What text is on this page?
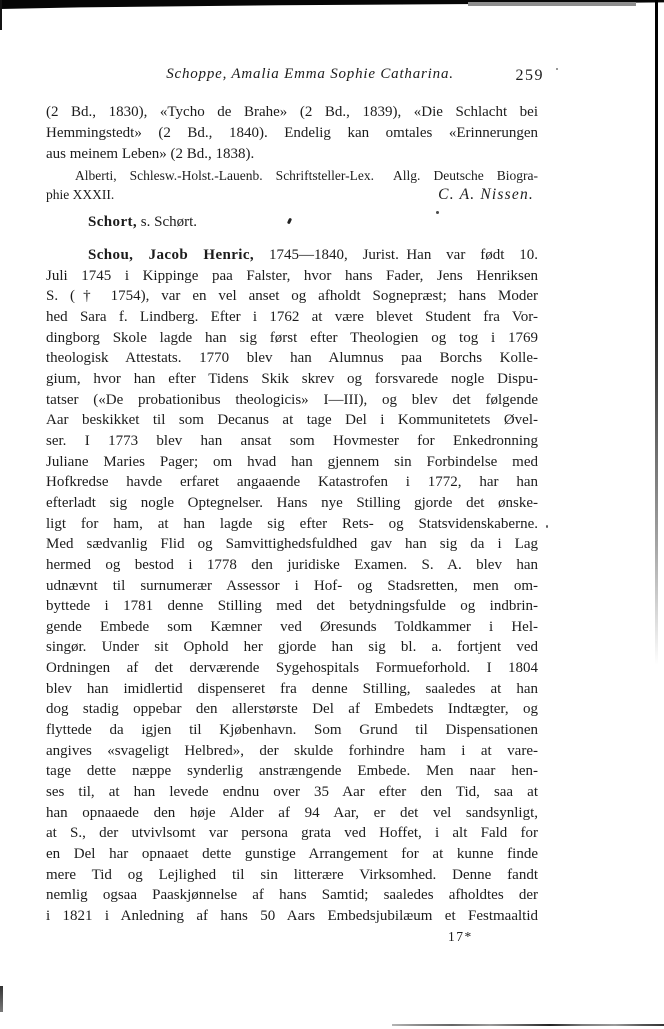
Schoppe, Amalia Emma Sophie Catharina.	259
(2 Bd., 1830), «Tycho de Brahe» (2 Bd., 1839), «Die Schlacht bei
Hemmingstedt» (2 Bd., 1840). Endelig kan omtales «Erinnerungen
aus meinem Leben» (2 Bd., 1838).
Alberti, Schlesw.-Holst.-Lauenb. Schriftsteller-Lex.  Allg. Deutsche Biogra-
phie XXXII.	C. A. Nissen.
Schort, s. Schørt.
Schou, Jacob Henric, 1745—1840, Jurist. Han var født 10.
Juli 1745 i Kippinge paa Falster, hvor hans Fader, Jens Henriksen
S. († 1754), var en vel anset og afholdt Sognepræst; hans Moder
hed Sara f. Lindberg. Efter i 1762 at være blevet Student fra Vor-
dingborg Skole lagde han sig først efter Theologien og tog i 1769
theologisk Attestats. 1770 blev han Alumnus paa Borchs Kolle-
gium, hvor han efter Tidens Skik skrev og forsvarede nogle Dispu-
tatser («De probationibus theologicis» I—III), og blev det følgende
Aar beskikket til som Decanus at tage Del i Kommunitetets Øvel-
ser. I 1773 blev han ansat som Hovmester for Enkedronning
Juliane Maries Pager; om hvad han gjennem sin Forbindelse med
Hofkredse havde erfaret angaaende Katastrofen i 1772, har han
efterladt sig nogle Optegnelser. Hans nye Stilling gjorde det ønske-
ligt for ham, at han lagde sig efter Rets- og Statsvidenskaberne.
Med sædvanlig Flid og Samvittighedsfuldhed gav han sig da i Lag
hermed og bestod i 1778 den juridiske Examen. S. A. blev han
udnævnt til surnumerær Assessor i Hof- og Stadsretten, men om-
byttede i 1781 denne Stilling med det betydningsfulde og indbrin-
gende Embede som Kæmner ved Øresunds Toldkammer i Hel-
singør. Under sit Ophold her gjorde han sig bl. a. fortjent ved
Ordningen af det derværende Sygehospitals Formueforhold. I 1804
blev han imidlertid dispenseret fra denne Stilling, saaledes at han
dog stadig oppebar den allerstørste Del af Embedets Indtægter, og
flyttede da igjen til Kjøbenhavn. Som Grund til Dispensationen
angives «svageligt Helbred», der skulde forhindre ham i at vare-
tage dette næppe synderlig anstrængende Embede. Men naar hen-
ses til, at han levede endnu over 35 Aar efter den Tid, saa at
han opnaaede den høje Alder af 94 Aar, er det vel sandsynligt,
at S., der utvivlsomt var persona grata ved Hoffet, i alt Fald for
en Del har opnaaet dette gunstige Arrangement for at kunne finde
mere Tid og Lejlighed til sin litterære Virksomhed. Denne fandt
nemlig ogsaa Paaskjønnelse af hans Samtid; saaledes afholdtes der
i 1821 i Anledning af hans 50 Aars Embedsjubilæum et Festmaaltid
17*
